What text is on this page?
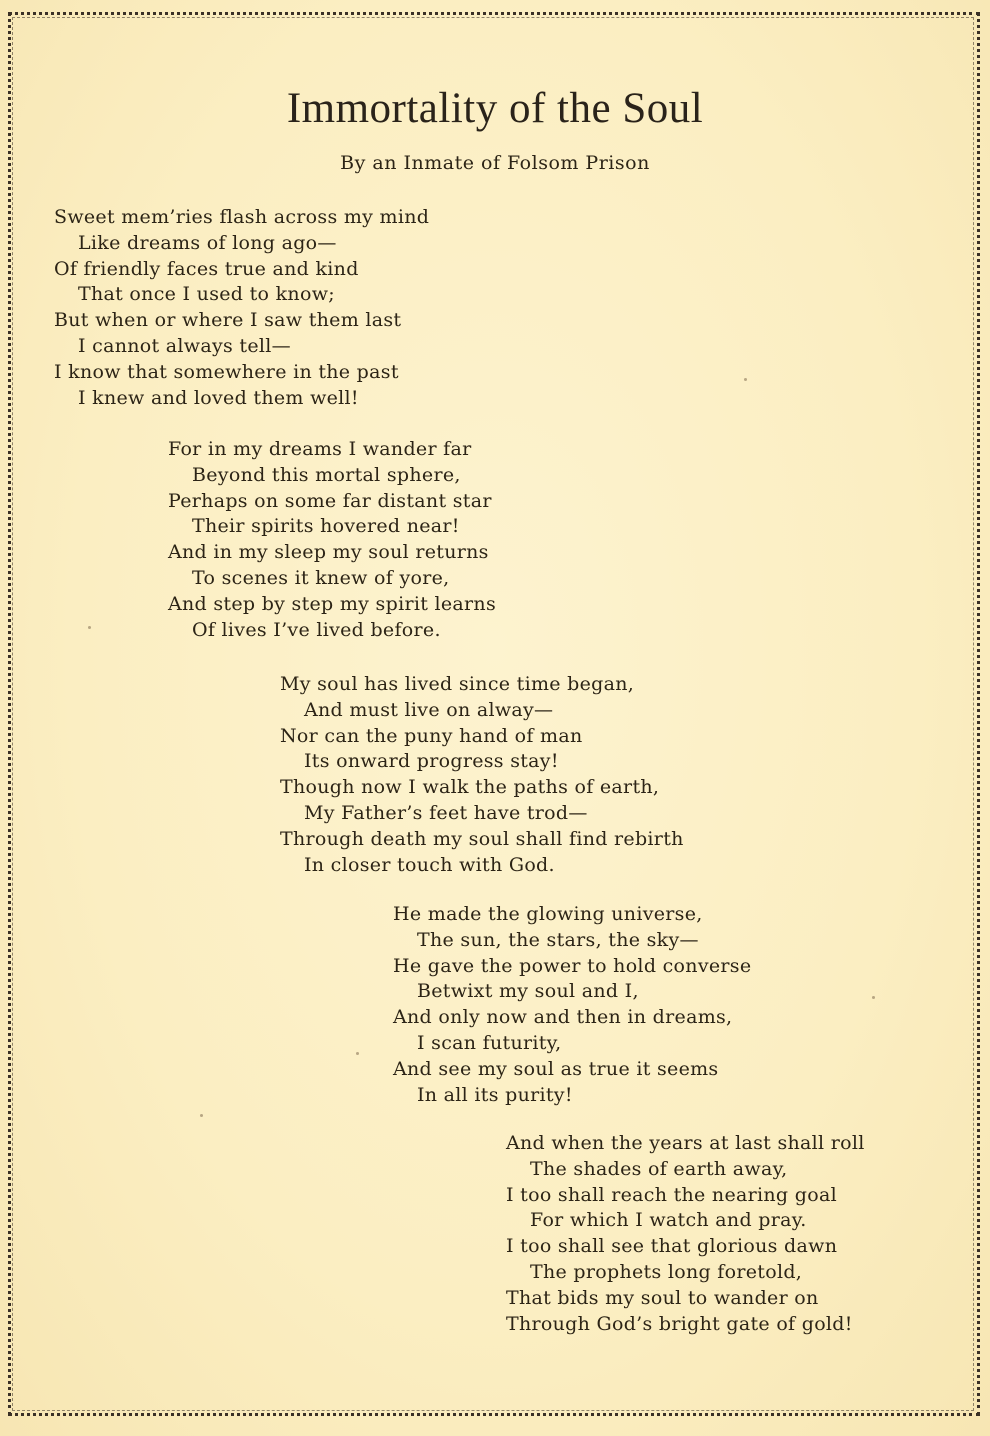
Immortality of the Soul
By an Inmate of Folsom Prison
Sweet mem’ries flash across my mind
Like dreams of long ago—
Of friendly faces true and kind
That once I used to know;
But when or where I saw them last
I cannot always tell—
I know that somewhere in the past
I knew and loved them well!
For in my dreams I wander far
Beyond this mortal sphere,
Perhaps on some far distant star
Their spirits hovered near!
And in my sleep my soul returns
To scenes it knew of yore,
And step by step my spirit learns
Of lives I’ve lived before.
My soul has lived since time began,
And must live on alway—
Nor can the puny hand of man
Its onward progress stay!
Though now I walk the paths of earth,
My Father’s feet have trod—
Through death my soul shall find rebirth
In closer touch with God.
He made the glowing universe,
The sun, the stars, the sky—
He gave the power to hold converse
Betwixt my soul and I,
And only now and then in dreams,
I scan futurity,
And see my soul as true it seems
In all its purity!
And when the years at last shall roll
The shades of earth away,
I too shall reach the nearing goal
For which I watch and pray.
I too shall see that glorious dawn
The prophets long foretold,
That bids my soul to wander on
Through God’s bright gate of gold!
